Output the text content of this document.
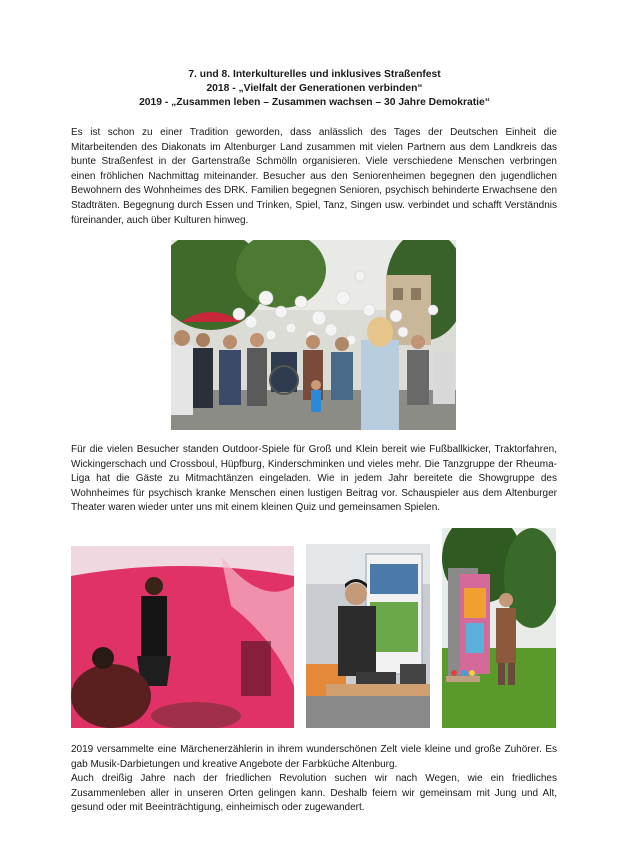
7. und 8. Interkulturelles und inklusives Straßenfest
2018 - „Vielfalt der Generationen verbinden“
2019 - „Zusammen leben – Zusammen wachsen – 30 Jahre Demokratie“

Es ist schon zu einer Tradition geworden, dass anlässlich des Tages der Deutschen Einheit die Mitarbeitenden des Diakonats im Altenburger Land zusammen mit vielen Partnern aus dem Landkreis das bunte Straßenfest in der Gartenstraße Schmölln organisieren. Viele verschiedene Menschen verbringen einen fröhlichen Nachmittag miteinander. Besucher aus den Seniorenheimen begegnen den jugendlichen Bewohnern des Wohnheimes des DRK. Familien begegnen Senioren, psychisch behinderte Erwachsene den Stadträten. Begegnung durch Essen und Trinken, Spiel, Tanz, Singen usw. verbindet und schafft Verständnis füreinander, auch über Kulturen hinweg.

Für die vielen Besucher standen Outdoor-Spiele für Groß und Klein bereit wie Fußballkicker, Traktorfahren, Wickingerschach und Crossboul, Hüpfburg, Kinderschminken und vieles mehr. Die Tanzgruppe der Rheuma-Liga hat die Gäste zu Mitmachtänzen eingeladen. Wie in jedem Jahr bereitete die Showgruppe des Wohnheimes für psychisch kranke Menschen einen lustigen Beitrag vor. Schauspieler aus dem Altenburger Theater waren wieder unter uns mit einem kleinen Quiz und gemeinsamen Spielen.

2019 versammelte eine Märchenerzählerin in ihrem wunderschönen Zelt viele kleine und große Zuhörer. Es gab Musik-Darbietungen und kreative Angebote der Farbküche Altenburg.
Auch dreißig Jahre nach der friedlichen Revolution suchen wir nach Wegen, wie ein friedliches Zusammenleben aller in unseren Orten gelingen kann. Deshalb feiern wir gemeinsam mit Jung und Alt, gesund oder mit Beeinträchtigung, einheimisch oder zugewandert.
